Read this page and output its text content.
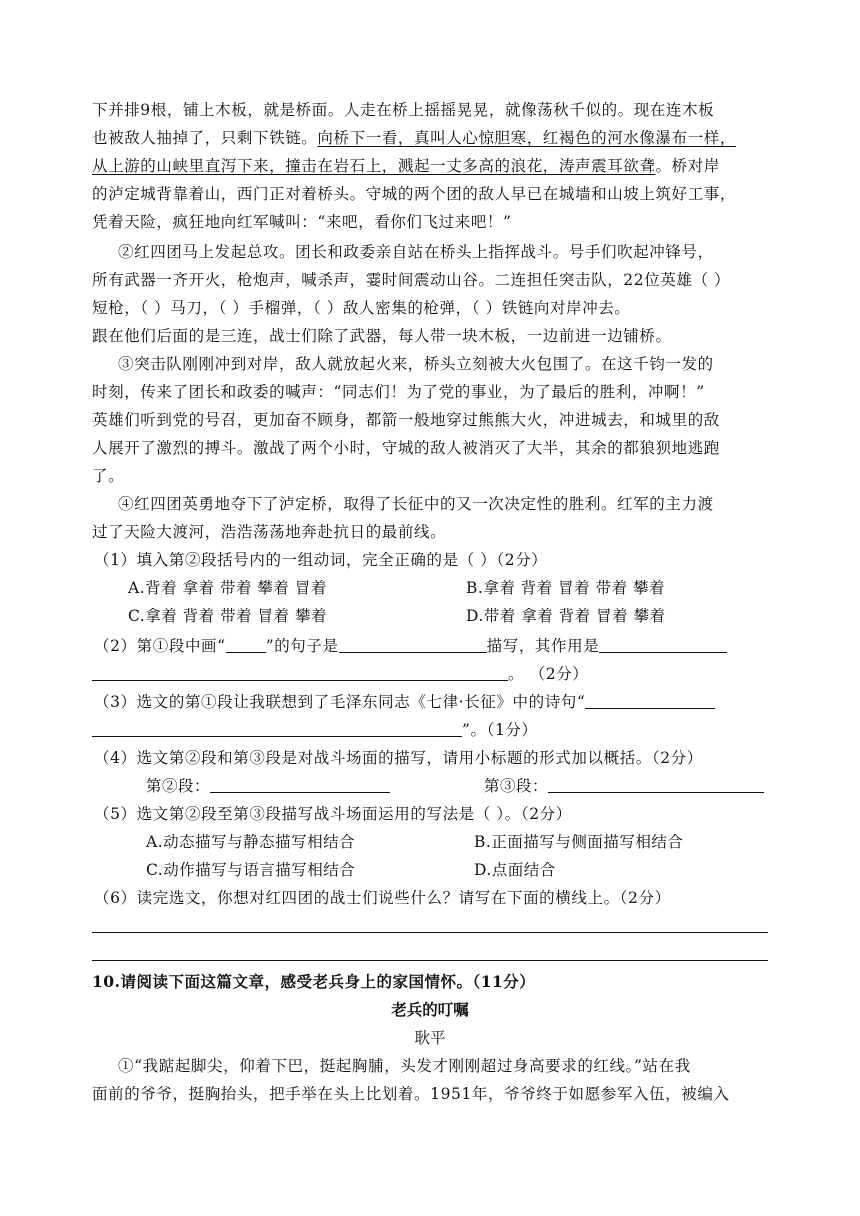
下并排9根，铺上木板，就是桥面。人走在桥上摇摇晃晃，就像荡秋千似的。现在连木板
也被敌人抽掉了，只剩下铁链。向桥下一看，真叫人心惊胆寒，红褐色的河水像瀑布一样，
从上游的山峡里直泻下来，撞击在岩石上，溅起一丈多高的浪花，涛声震耳欲聋。桥对岸
的泸定城背靠着山，西门正对着桥头。守城的两个团的敌人早已在城墙和山坡上筑好工事，
凭着天险，疯狂地向红军喊叫：“来吧，看你们飞过来吧！”
②红四团马上发起总攻。团长和政委亲自站在桥头上指挥战斗。号手们吹起冲锋号，
所有武器一齐开火，枪炮声，喊杀声，霎时间震动山谷。二连担任突击队，22位英雄（ ）
短枪，（ ）马刀，（ ）手榴弹，（ ）敌人密集的枪弹，（ ）铁链向对岸冲去。
跟在他们后面的是三连，战士们除了武器，每人带一块木板，一边前进一边铺桥。
③突击队刚刚冲到对岸，敌人就放起火来，桥头立刻被大火包围了。在这千钧一发的
时刻，传来了团长和政委的喊声：“同志们！为了党的事业，为了最后的胜利，冲啊！”
英雄们听到党的号召，更加奋不顾身，都箭一般地穿过熊熊大火，冲进城去，和城里的敌
人展开了激烈的搏斗。激战了两个小时，守城的敌人被消灭了大半，其余的都狼狈地逃跑
了。
④红四团英勇地夺下了泸定桥，取得了长征中的又一次决定性的胜利。红军的主力渡
过了天险大渡河，浩浩荡荡地奔赴抗日的最前线。
（1）填入第②段括号内的一组动词，完全正确的是（ ）（2分）
A.背着 拿着 带着 攀着 冒着	B.拿着 背着 冒着 带着 攀着
C.拿着 背着 带着 冒着 攀着	D.带着 拿着 背着 冒着 攀着
（2）第①段中画“	”的句子是	描写，其作用是
。 （2分）
（3）选文的第①段让我联想到了毛泽东同志《七律·长征》中的诗句“
”。（1分）
（4）选文第②段和第③段是对战斗场面的描写，请用小标题的形式加以概括。（2分）
第②段：	第③段：
（5）选文第②段至第③段描写战斗场面运用的写法是（ ）。（2分）
A.动态描写与静态描写相结合	B.正面描写与侧面描写相结合
C.动作描写与语言描写相结合	D.点面结合
（6）读完选文，你想对红四团的战士们说些什么？请写在下面的横线上。（2分）
10.请阅读下面这篇文章，感受老兵身上的家国情怀。（11分）
老兵的叮嘱
耿平
①“我踮起脚尖，仰着下巴，挺起胸脯，头发才刚刚超过身高要求的红线。”站在我
面前的爷爷，挺胸抬头，把手举在头上比划着。1951年，爷爷终于如愿参军入伍，被编入
